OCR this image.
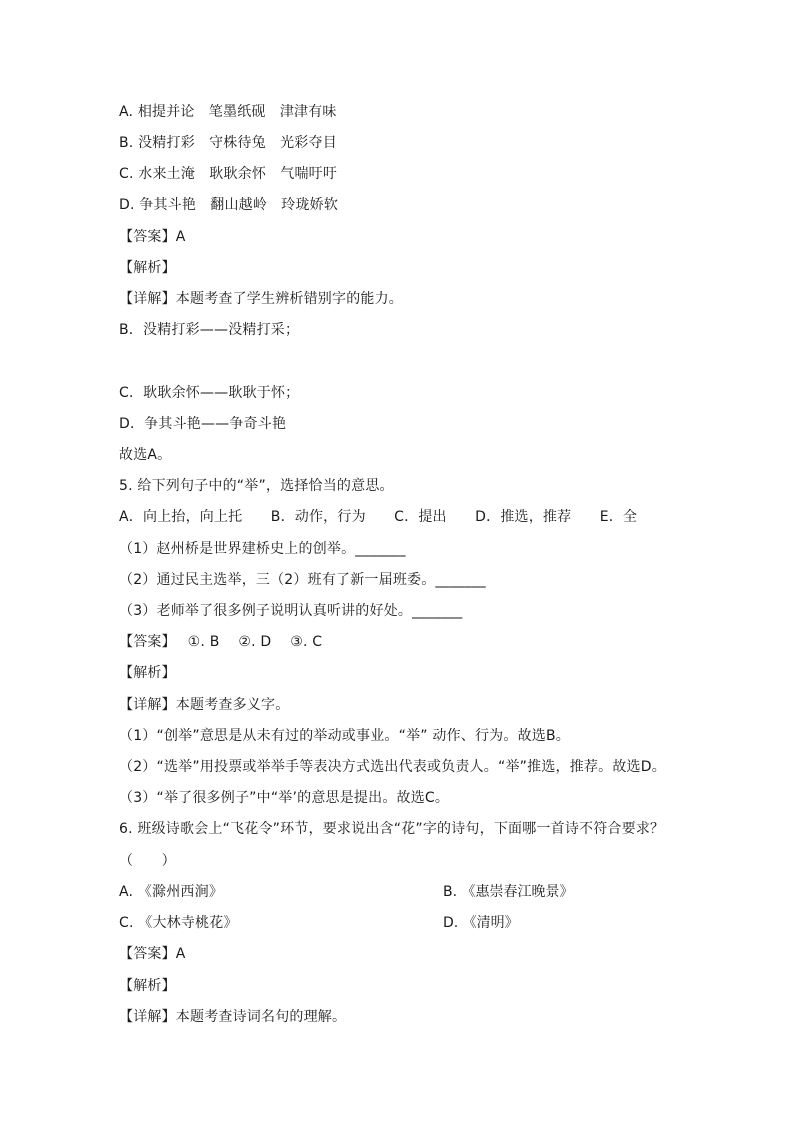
A. 相提并论　笔墨纸砚　津津有味
B. 没精打彩　守株待兔　光彩夺目
C. 水来土淹　耿耿余怀　气喘吁吁
D. 争其斗艳　翻山越岭　玲珑娇软
【答案】A
【解析】
【详解】本题考查了学生辨析错别字的能力。
B．没精打彩——没精打采；
C．耿耿余怀——耿耿于怀；
D．争其斗艳——争奇斗艳
故选A。
5. 给下列句子中的“举”，选择恰当的意思。
A．向上抬，向上托　　B．动作，行为　　C．提出　　D．推选，推荐　　E．全
（1）赵州桥是世界建桥史上的创举。_______
（2）通过民主选举，三（2）班有了新一届班委。_______
（3）老师举了很多例子说明认真听讲的好处。_______
【答案】　 ①. B　 ②. D　 ③. C
【解析】
【详解】本题考查多义字。
（1）“创举”意思是从未有过的举动或事业。“举” 动作、行为。故选B。
（2）“选举”用投票或举举手等表决方式选出代表或负责人。“举”推选，推荐。故选D。
（3）“举了很多例子”中“举’的意思是提出。故选C。
6. 班级诗歌会上“飞花令”环节，要求说出含“花”字的诗句，下面哪一首诗不符合要求？
（　　）
A. 《滁州西涧》	B. 《惠崇春江晚景》
C. 《大林寺桃花》	D. 《清明》
【答案】A
【解析】
【详解】本题考查诗词名句的理解。
